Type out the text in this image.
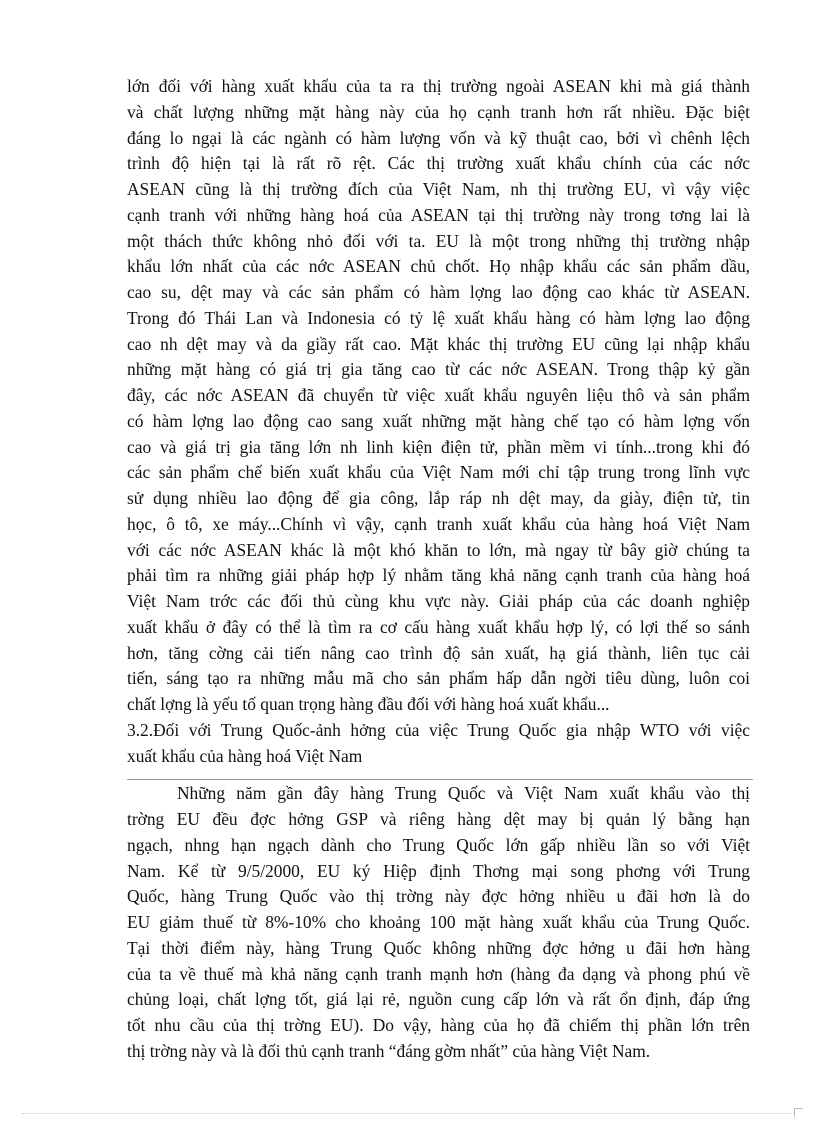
lớn đối với hàng xuất khẩu của ta ra thị trường ngoài ASEAN khi mà giá thành

và chất lượng những mặt hàng này của họ cạnh tranh hơn rất nhiều. Đặc biệt

đáng lo ngại là các ngành có hàm lượng vốn và kỹ thuật cao, bởi vì chênh lệch

trình độ hiện tại là rất rõ rệt. Các thị trường xuất khẩu chính của các nớc

ASEAN cũng là thị trường đích của Việt Nam, nh thị trường EU, vì vậy việc

cạnh tranh với những hàng hoá của ASEAN tại thị trường này trong tơng lai là

một thách thức không nhỏ đối với ta. EU là một trong những thị trường nhập

khẩu lớn nhất của các nớc ASEAN chủ chốt. Họ nhập khẩu các sản phẩm dầu,

cao su, dệt may và các sản phẩm có hàm lợng lao động cao khác từ ASEAN.

Trong đó Thái Lan và Indonesia có tỷ lệ xuất khẩu hàng có hàm lợng lao động

cao nh dệt may và da giầy rất cao. Mặt khác thị trường EU cũng lại nhập khẩu

những mặt hàng có giá trị gia tăng cao từ các nớc ASEAN. Trong thập kỷ gần

đây, các nớc ASEAN đã chuyển từ việc xuất khẩu nguyên liệu thô và sản phẩm

có hàm lợng lao động cao sang xuất những mặt hàng chế tạo có hàm lợng vốn

cao và giá trị gia tăng lớn nh linh kiện điện tử, phần mềm vi tính...trong khi đó

các sản phẩm chế biến xuất khẩu của Việt Nam mới chỉ tập trung trong lĩnh vực

sử dụng nhiều lao động để gia công, lắp ráp nh dệt may, da giày, điện tử, tin

học, ô tô, xe máy...Chính vì vậy, cạnh tranh xuất khẩu của hàng hoá Việt Nam

với các nớc ASEAN khác là một khó khăn to lớn, mà ngay từ bây giờ chúng ta

phải tìm ra những giải pháp hợp lý nhằm tăng khả năng cạnh tranh của hàng hoá

Việt Nam trớc các đối thủ cùng khu vực này. Giải pháp của các doanh nghiệp

xuất khẩu ở đây có thể là tìm ra cơ cấu hàng xuất khẩu hợp lý, có lợi thế so sánh

hơn, tăng cờng cải tiến nâng cao trình độ sản xuất, hạ giá thành, liên tục cải

tiến, sáng tạo ra những mẫu mã cho sản phẩm hấp dẫn ngời tiêu dùng, luôn coi

chất lợng là yếu tố quan trọng hàng đầu đối với hàng hoá xuất khẩu...

3.2.Đối với Trung Quốc-ảnh hởng của việc Trung Quốc gia nhập WTO với việc

xuất khẩu của hàng hoá Việt Nam

Những năm gần đây hàng Trung Quốc và Việt Nam xuất khẩu vào thị

trờng EU đều đợc hởng GSP và riêng hàng dệt may bị quản lý bằng hạn

ngạch, nhng hạn ngạch dành cho Trung Quốc lớn gấp nhiều lần so với Việt

Nam. Kể từ 9/5/2000, EU ký Hiệp định Thơng mại song phơng với Trung

Quốc, hàng Trung Quốc vào thị trờng này đợc hởng nhiều u đãi hơn là do

EU giảm thuế từ 8%-10% cho khoảng 100 mặt hàng xuất khẩu của Trung Quốc.

Tại thời điểm này, hàng Trung Quốc không những đợc hởng u đãi hơn hàng

của ta về thuế mà khả năng cạnh tranh mạnh hơn (hàng đa dạng và phong phú về

chủng loại, chất lợng tốt, giá lại rẻ, nguồn cung cấp lớn và rất ổn định, đáp ứng

tốt nhu cầu của thị trờng EU). Do vậy, hàng của họ đã chiếm thị phần lớn trên

thị trờng này và là đối thủ cạnh tranh “đáng gờm nhất” của hàng Việt Nam.
